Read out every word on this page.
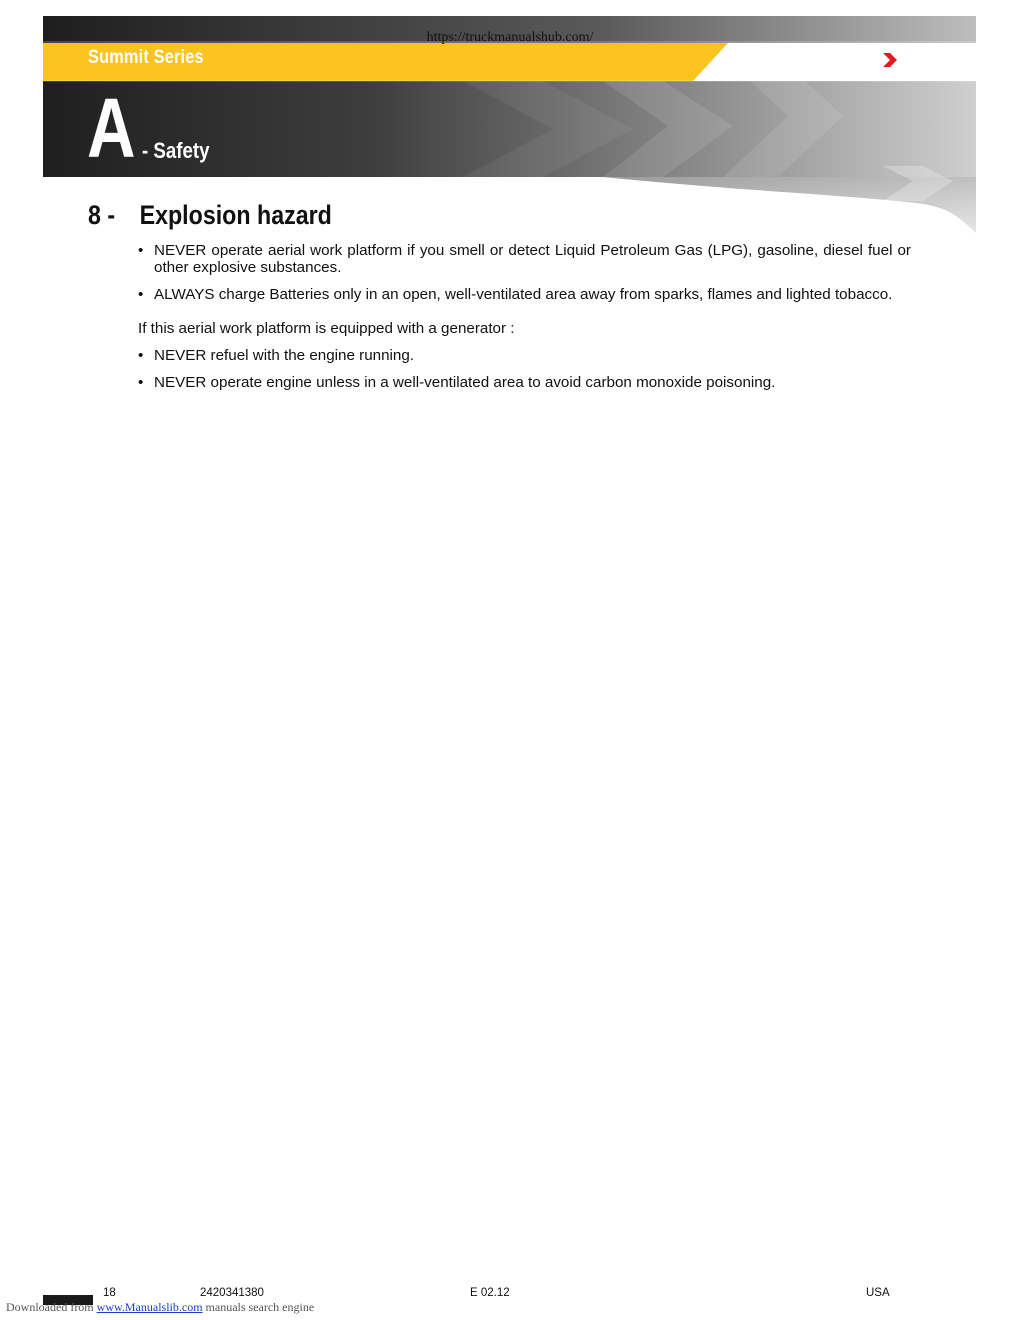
https://truckmanualshub.com/
Summit Series	Haulotte
GROUP
A - Safety
8 - Explosion hazard
• NEVER operate aerial work platform if you smell or detect Liquid Petroleum Gas (LPG), gasoline, diesel fuel or other explosive substances.
• ALWAYS charge Batteries only in an open, well-ventilated area away from sparks, flames and lighted tobacco.
If this aerial work platform is equipped with a generator :
• NEVER refuel with the engine running.
• NEVER operate engine unless in a well-ventilated area to avoid carbon monoxide poisoning.
18	2420341380	E 02.12	USA
Downloaded from www.Manualslib.com manuals search engine
